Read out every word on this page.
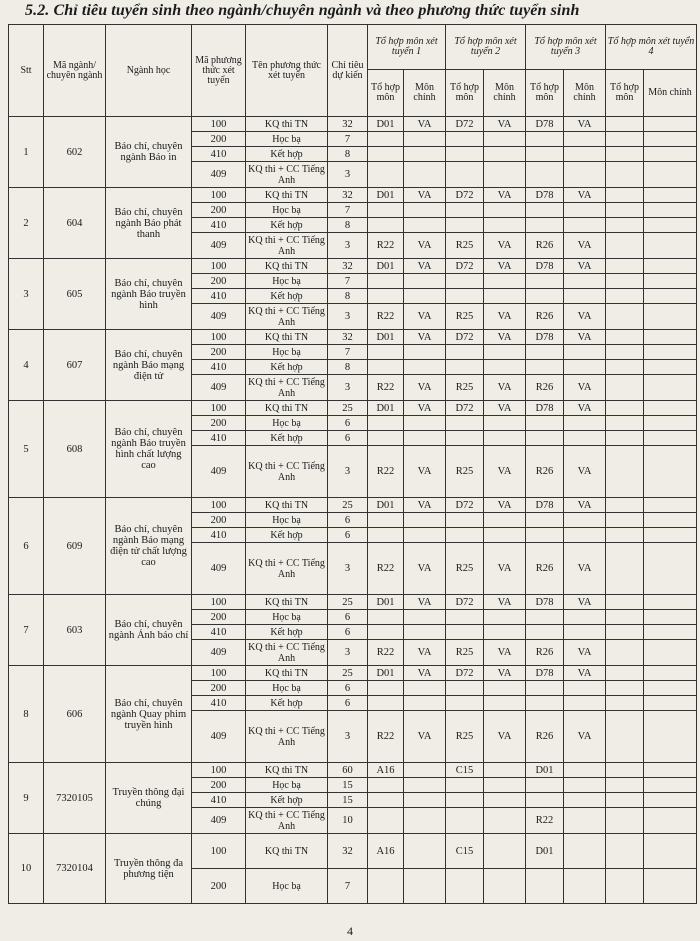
5.2. Chỉ tiêu tuyển sinh theo ngành/chuyên ngành và theo phương thức tuyển sinh
Stt	Mã ngành/ chuyên ngành	Ngành học	Mã phương thức xét tuyển	Tên phương thức xét tuyển	Chỉ tiêu dự kiến	Tổ hợp môn xét tuyển 1		Tổ hợp môn xét tuyển 2		Tổ hợp môn xét tuyển 3		Tổ hợp môn xét tuyển 4	
						Tổ hợp môn	Môn chính	Tổ hợp môn	Môn chính	Tổ hợp môn	Môn chính	Tổ hợp môn	Môn chính
1	602	Báo chí, chuyên ngành Báo in	100	KQ thi TN	32	D01	VA	D72	VA	D78	VA		
			200	Học bạ	7								
			410	Kết hợp	8								
			409	KQ thi + CC Tiếng Anh	3								
2	604	Báo chí, chuyên ngành Báo phát thanh	100	KQ thi TN	32	D01	VA	D72	VA	D78	VA		
			200	Học bạ	7								
			410	Kết hợp	8								
			409	KQ thi + CC Tiếng Anh	3	R22	VA	R25	VA	R26	VA		
3	605	Báo chí, chuyên ngành Báo truyền hình	100	KQ thi TN	32	D01	VA	D72	VA	D78	VA		
			200	Học bạ	7								
			410	Kết hợp	8								
			409	KQ thi + CC Tiếng Anh	3	R22	VA	R25	VA	R26	VA		
4	607	Báo chí, chuyên ngành Báo mạng điện tử	100	KQ thi TN	32	D01	VA	D72	VA	D78	VA		
			200	Học bạ	7								
			410	Kết hợp	8								
			409	KQ thi + CC Tiếng Anh	3	R22	VA	R25	VA	R26	VA		
5	608	Báo chí, chuyên ngành Báo truyền hình chất lượng cao	100	KQ thi TN	25	D01	VA	D72	VA	D78	VA		
			200	Học bạ	6								
			410	Kết hợp	6								
			409	KQ thi + CC Tiếng Anh	3	R22	VA	R25	VA	R26	VA		
6	609	Báo chí, chuyên ngành Báo mạng điện tử chất lượng cao	100	KQ thi TN	25	D01	VA	D72	VA	D78	VA		
			200	Học bạ	6								
			410	Kết hợp	6								
			409	KQ thi + CC Tiếng Anh	3	R22	VA	R25	VA	R26	VA		
7	603	Báo chí, chuyên ngành Ảnh báo chí	100	KQ thi TN	25	D01	VA	D72	VA	D78	VA		
			200	Học bạ	6								
			410	Kết hợp	6								
			409	KQ thi + CC Tiếng Anh	3	R22	VA	R25	VA	R26	VA		
8	606	Báo chí, chuyên ngành Quay phim truyền hình	100	KQ thi TN	25	D01	VA	D72	VA	D78	VA		
			200	Học bạ	6								
			410	Kết hợp	6								
			409	KQ thi + CC Tiếng Anh	3	R22	VA	R25	VA	R26	VA		
9	7320105	Truyền thông đại chúng	100	KQ thi TN	60	A16		C15		D01			
			200	Học bạ	15								
			410	Kết hợp	15								
			409	KQ thi + CC Tiếng Anh	10					R22			
10	7320104	Truyền thông đa phương tiện	100	KQ thi TN	32	A16		C15		D01			
			200	Học bạ	7								
4
